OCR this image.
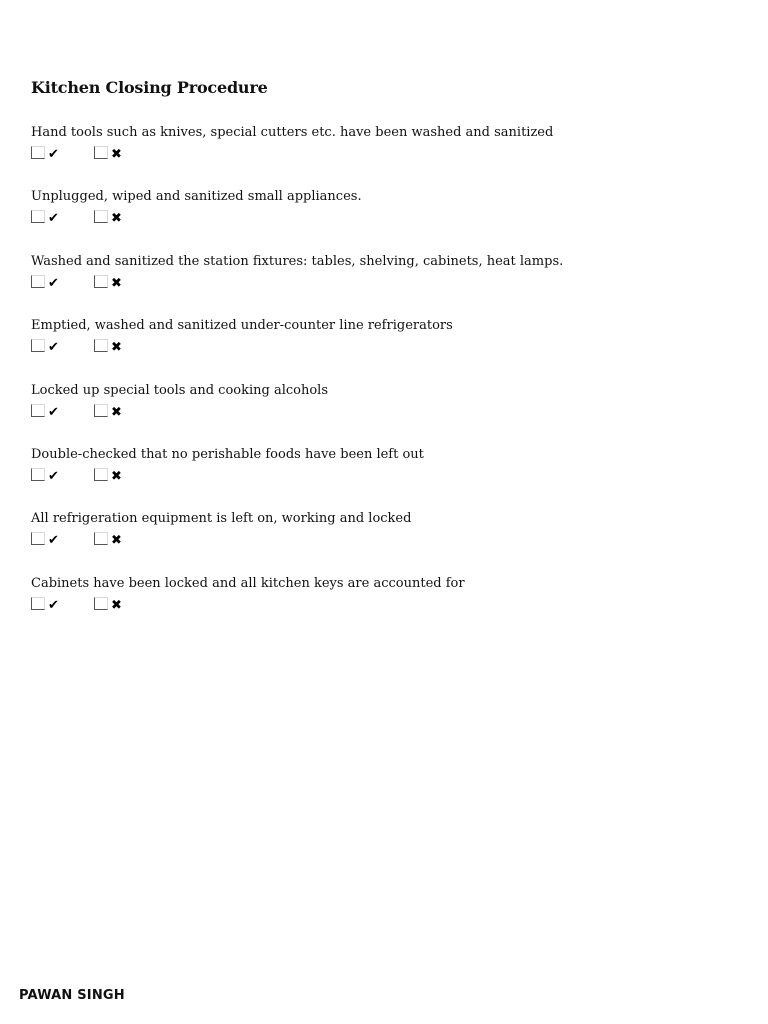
Kitchen Closing Procedure
Hand tools such as knives, special cutters etc. have been washed and sanitized
✔	✖
Unplugged, wiped and sanitized small appliances.
✔	✖
Washed and sanitized the station fixtures: tables, shelving, cabinets, heat lamps.
✔	✖
Emptied, washed and sanitized under-counter line refrigerators
✔	✖
Locked up special tools and cooking alcohols
✔	✖
Double-checked that no perishable foods have been left out
✔	✖
All refrigeration equipment is left on, working and locked
✔	✖
Cabinets have been locked and all kitchen keys are accounted for
✔	✖
PAWAN SINGH
